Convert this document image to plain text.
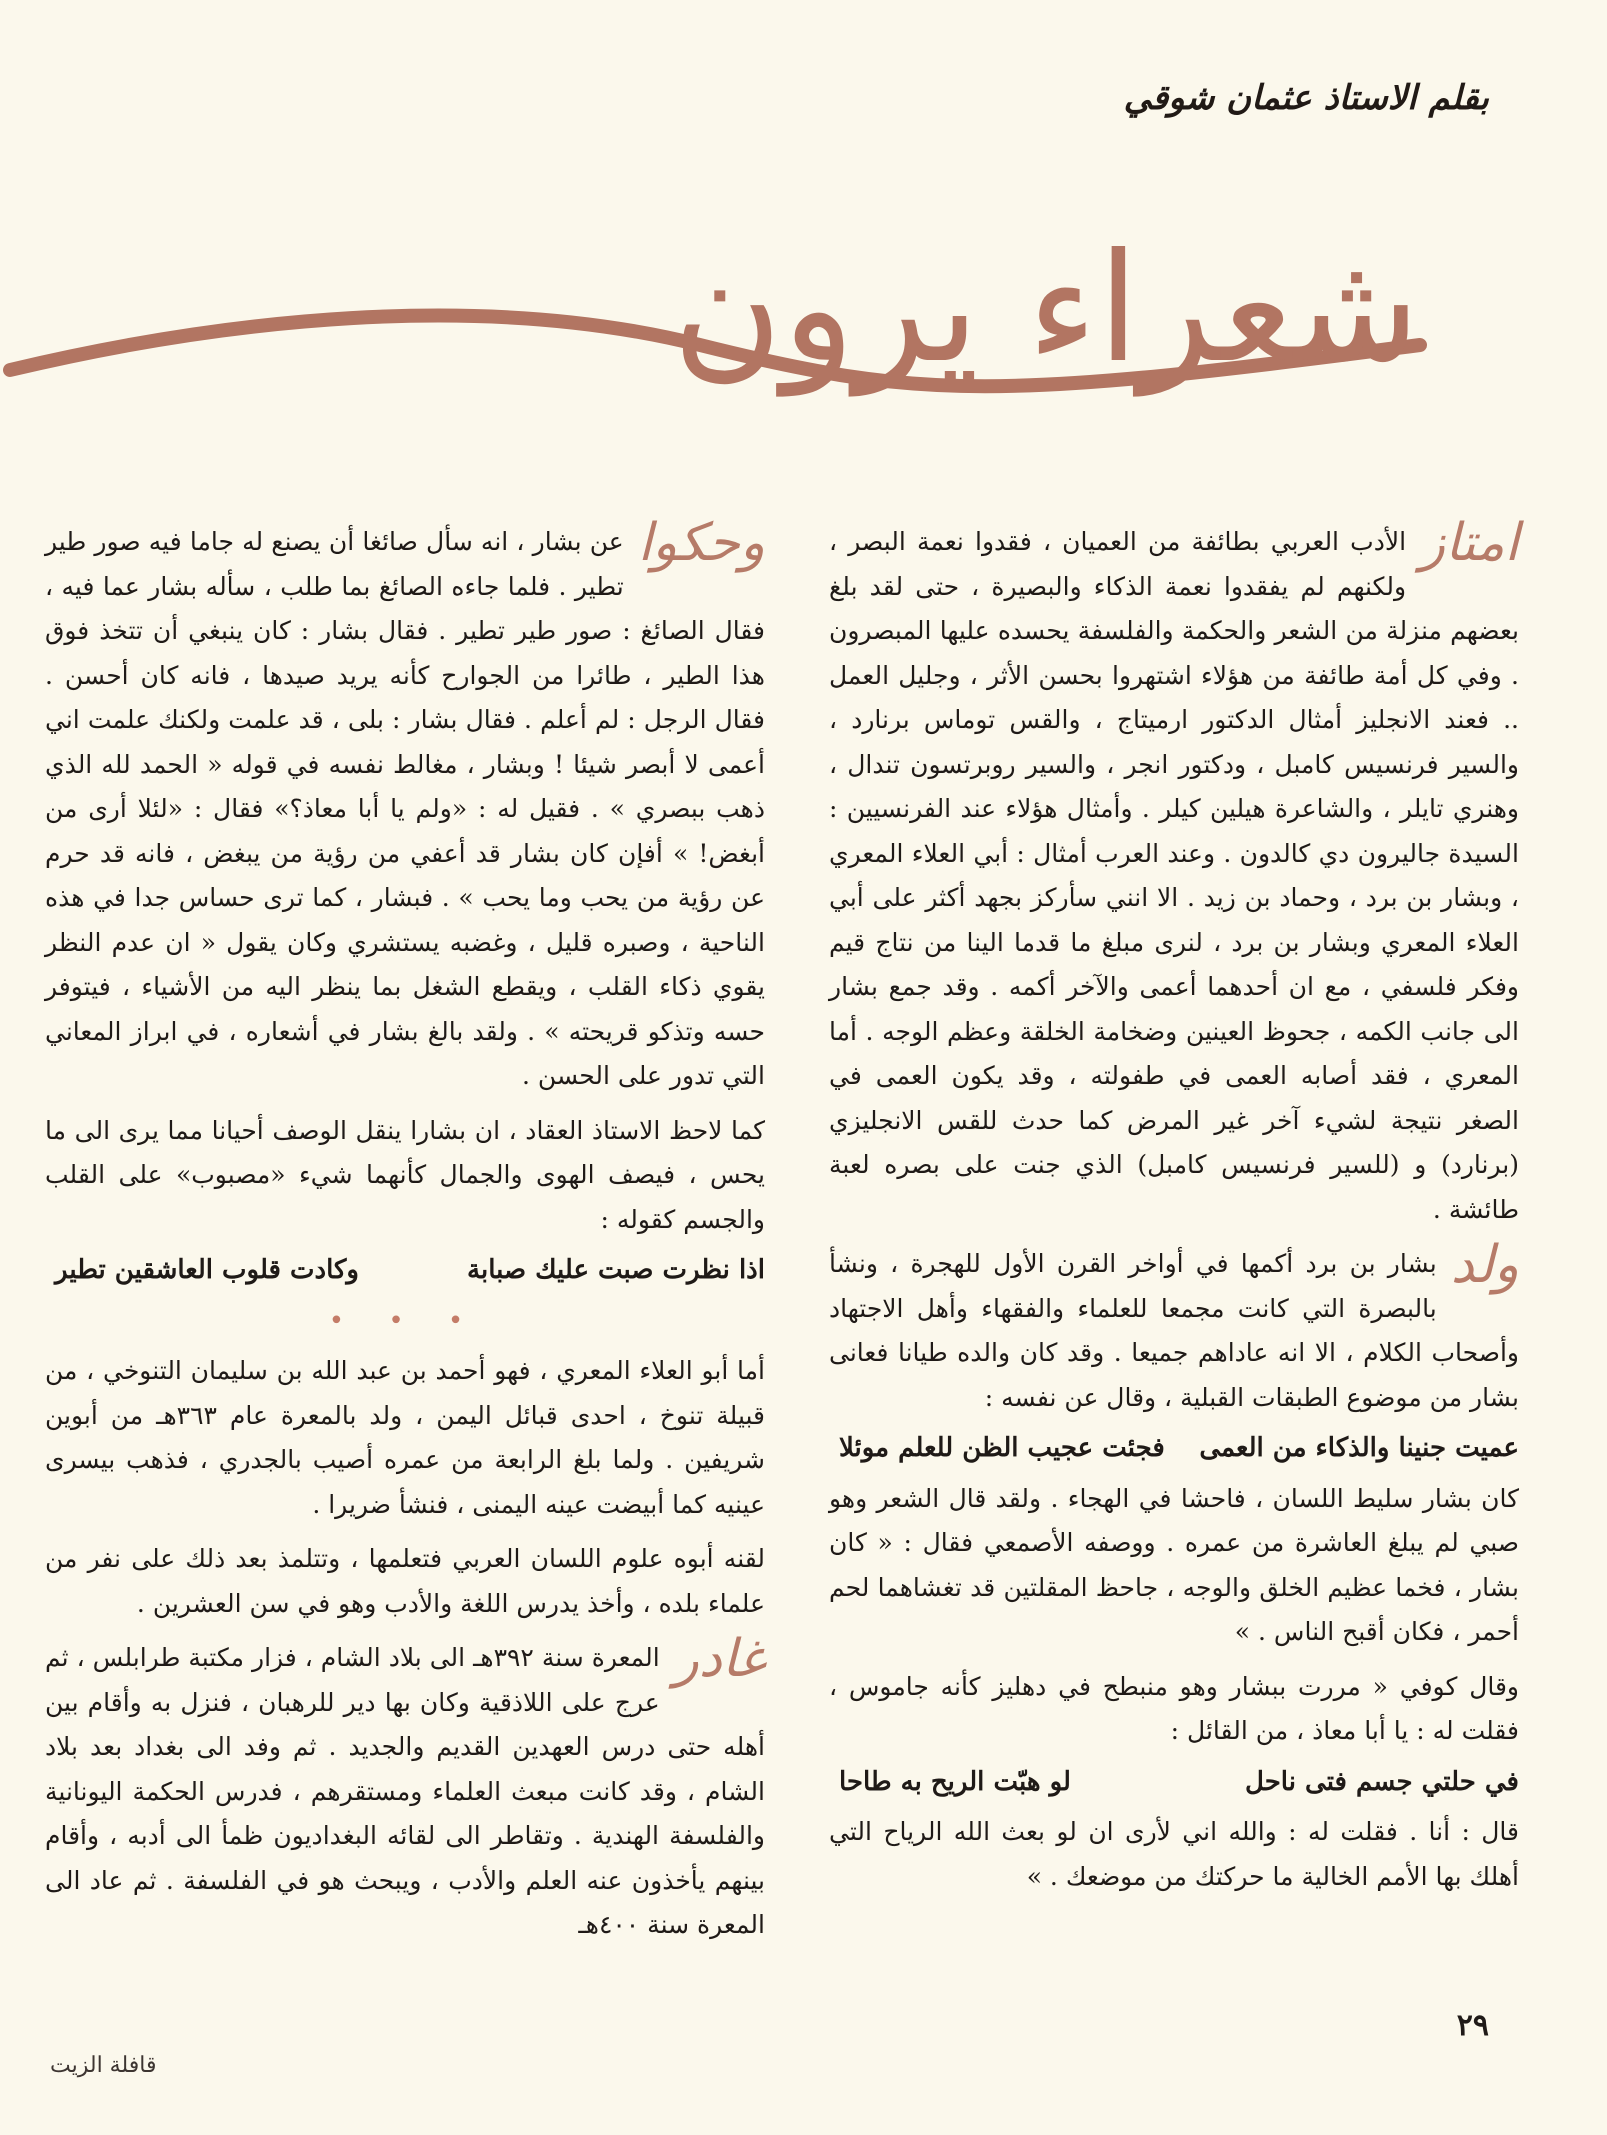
بقلم الاستاذ عثمان شوقي
شعراء يرون
امتاز

الأدب العربي بطائفة من العميان ، فقدوا نعمة البصر ، ولكنهم لم يفقدوا نعمة الذكاء والبصيرة ، حتى لقد بلغ بعضهم منزلة من الشعر والحكمة والفلسفة يحسده عليها المبصرون . وفي كل أمة طائفة من هؤلاء اشتهروا بحسن الأثر ، وجليل العمل .. فعند الانجليز أمثال الدكتور ارميتاج ، والقس توماس برنارد ، والسير فرنسيس كامبل ، ودكتور انجر ، والسير روبرتسون تندال ، وهنري تايلر ، والشاعرة هيلين كيلر . وأمثال هؤلاء عند الفرنسيين : السيدة جاليرون دي كالدون . وعند العرب أمثال : أبي العلاء المعري ، وبشار بن برد ، وحماد بن زيد . الا انني سأركز بجهد أكثر على أبي العلاء المعري وبشار بن برد ، لنرى مبلغ ما قدما الينا من نتاج قيم وفكر فلسفي ، مع ان أحدهما أعمى والآخر أكمه . وقد جمع بشار الى جانب الكمه ، جحوظ العينين وضخامة الخلقة وعظم الوجه . أما المعري ، فقد أصابه العمى في طفولته ، وقد يكون العمى في الصغر نتيجة لشيء آخر غير المرض كما حدث للقس الانجليزي (برنارد) و (للسير فرنسيس كامبل) الذي جنت على بصره لعبة طائشة .

ولد

بشار بن برد أكمها في أواخر القرن الأول للهجرة ، ونشأ بالبصرة التي كانت مجمعا للعلماء والفقهاء وأهل الاجتهاد وأصحاب الكلام ، الا انه عاداهم جميعا . وقد كان والده طيانا فعانى بشار من موضوع الطبقات القبلية ، وقال عن نفسه :

عميت جنينا والذكاء من العمى
فجئت عجيب الظن للعلم موئلا

كان بشار سليط اللسان ، فاحشا في الهجاء . ولقد قال الشعر وهو صبي لم يبلغ العاشرة من عمره . ووصفه الأصمعي فقال : « كان بشار ، فخما عظيم الخلق والوجه ، جاحظ المقلتين قد تغشاهما لحم أحمر ، فكان أقبح الناس . »

وقال كوفي « مررت ببشار وهو منبطح في دهليز كأنه جاموس ، فقلت له : يا أبا معاذ ، من القائل :

في حلتي جسم فتى ناحل
لو هبّت الريح به طاحا

قال : أنا . فقلت له : والله اني لأرى ان لو بعث الله الرياح التي أهلك بها الأمم الخالية ما حركتك من موضعك . »

وحكوا

عن بشار ، انه سأل صائغا أن يصنع له جاما فيه صور طير تطير . فلما جاءه الصائغ بما طلب ، سأله بشار عما فيه ، فقال الصائغ : صور طير تطير . فقال بشار : كان ينبغي أن تتخذ فوق هذا الطير ، طائرا من الجوارح كأنه يريد صيدها ، فانه كان أحسن . فقال الرجل : لم أعلم . فقال بشار : بلى ، قد علمت ولكنك علمت اني أعمى لا أبصر شيئا ! وبشار ، مغالط نفسه في قوله « الحمد لله الذي ذهب ببصري » . فقيل له : «ولم يا أبا معاذ؟» فقال : «لئلا أرى من أبغض! » أفإن كان بشار قد أعفي من رؤية من يبغض ، فانه قد حرم عن رؤية من يحب وما يحب » . فبشار ، كما ترى حساس جدا في هذه الناحية ، وصبره قليل ، وغضبه يستشري وكان يقول « ان عدم النظر يقوي ذكاء القلب ، ويقطع الشغل بما ينظر اليه من الأشياء ، فيتوفر حسه وتذكو قريحته » . ولقد بالغ بشار في أشعاره ، في ابراز المعاني التي تدور على الحسن .

كما لاحظ الاستاذ العقاد ، ان بشارا ينقل الوصف أحيانا مما يرى الى ما يحس ، فيصف الهوى والجمال كأنهما شيء «مصبوب» على القلب والجسم كقوله :

اذا نظرت صبت عليك صبابة
وكادت قلوب العاشقين تطير
• • •

أما أبو العلاء المعري ، فهو أحمد بن عبد الله بن سليمان التنوخي ، من قبيلة تنوخ ، احدى قبائل اليمن ، ولد بالمعرة عام ٣٦٣هـ من أبوين شريفين . ولما بلغ الرابعة من عمره أصيب بالجدري ، فذهب بيسرى عينيه كما أبيضت عينه اليمنى ، فنشأ ضريرا .

لقنه أبوه علوم اللسان العربي فتعلمها ، وتتلمذ بعد ذلك على نفر من علماء بلده ، وأخذ يدرس اللغة والأدب وهو في سن العشرين .

غادر

المعرة سنة ٣٩٢هـ الى بلاد الشام ، فزار مكتبة طرابلس ، ثم عرج على اللاذقية وكان بها دير للرهبان ، فنزل به وأقام بين أهله حتى درس العهدين القديم والجديد . ثم وفد الى بغداد بعد بلاد الشام ، وقد كانت مبعث العلماء ومستقرهم ، فدرس الحكمة اليونانية والفلسفة الهندية . وتقاطر الى لقائه البغداديون ظمأ الى أدبه ، وأقام بينهم يأخذون عنه العلم والأدب ، ويبحث هو في الفلسفة . ثم عاد الى المعرة سنة ٤٠٠هـ

٢٩
قافلة الزيت
